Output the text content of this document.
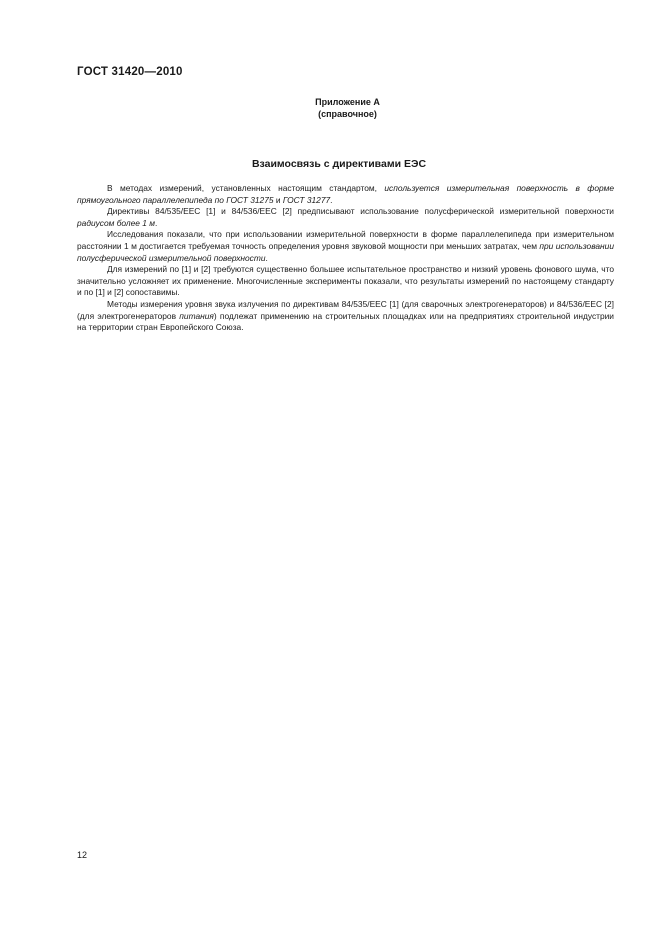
ГОСТ 31420—2010
Приложение А
(справочное)
Взаимосвязь с директивами ЕЭС

В методах измерений, установленных настоящим стандартом, используется измерительная поверхность в форме прямоугольного параллелепипеда по ГОСТ 31275 и ГОСТ 31277.

Директивы 84/535/ЕЕС [1] и 84/536/ЕЕС [2] предписывают использование полусферической измерительной поверхности радиусом более 1 м.

Исследования показали, что при использовании измерительной поверхности в форме параллелепипеда при измерительном расстоянии 1 м достигается требуемая точность определения уровня звуковой мощности при меньших затратах, чем при использовании полусферической измерительной поверхности.

Для измерений по [1] и [2] требуются существенно большее испытательное пространство и низкий уровень фонового шума, что значительно усложняет их применение. Многочисленные эксперименты показали, что результаты измерений по настоящему стандарту и по [1] и [2] сопоставимы.

Методы измерения уровня звука излучения по директивам 84/535/ЕЕС [1] (для сварочных электрогенераторов) и 84/536/ЕЕС [2] (для электрогенераторов питания) подлежат применению на строительных площадках или на предприятиях строительной индустрии на территории стран Европейского Союза.

12
